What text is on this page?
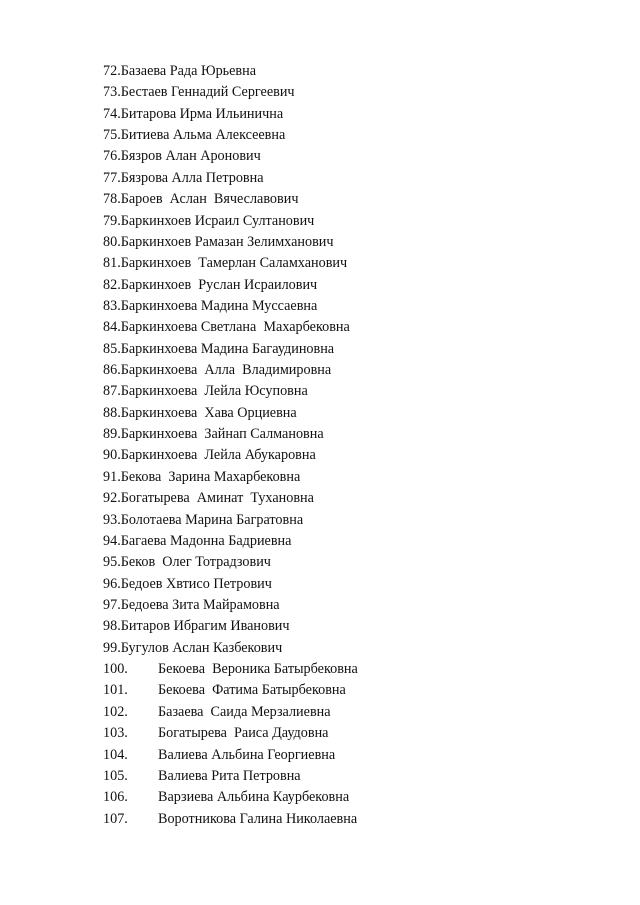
72.Базаева Рада Юрьевна
73.Бестаев Геннадий Сергеевич
74.Битарова Ирма Ильинична
75.Битиева Альма Алексеевна
76.Бязров Алан Аронович
77.Бязрова Алла Петровна
78.Бароев  Аслан  Вячеславович
79.Баркинхоев Исраил Султанович
80.Баркинхоев Рамазан Зелимханович
81.Баркинхоев  Тамерлан Саламханович
82.Баркинхоев  Руслан Исраилович
83.Баркинхоева Мадина Муссаевна
84.Баркинхоева Светлана  Махарбековна
85.Баркинхоева Мадина Багаудиновна
86.Баркинхоева  Алла  Владимировна
87.Баркинхоева  Лейла Юсуповна
88.Баркинхоева  Хава Орциевна
89.Баркинхоева  Зайнап Салмановна
90.Баркинхоева  Лейла Абукаровна
91.Бекова  Зарина Махарбековна
92.Богатырева  Аминат  Тухановна
93.Болотаева Марина Багратовна
94.Багаева Мадонна Бадриевна
95.Беков  Олег Тотрадзович
96.Бедоев Хвтисо Петрович
97.Бедоева Зита Майрамовна
98.Битаров Ибрагим Иванович
99.Бугулов Аслан Казбекович
100. Бекоева  Вероника Батырбековна
101. Бекоева  Фатима Батырбековна
102. Базаева  Саида Мерзалиевна
103. Богатырева  Раиса Даудовна
104. Валиева Альбина Георгиевна
105. Валиева Рита Петровна
106. Варзиева Альбина Каурбековна
107. Воротникова Галина Николаевна
